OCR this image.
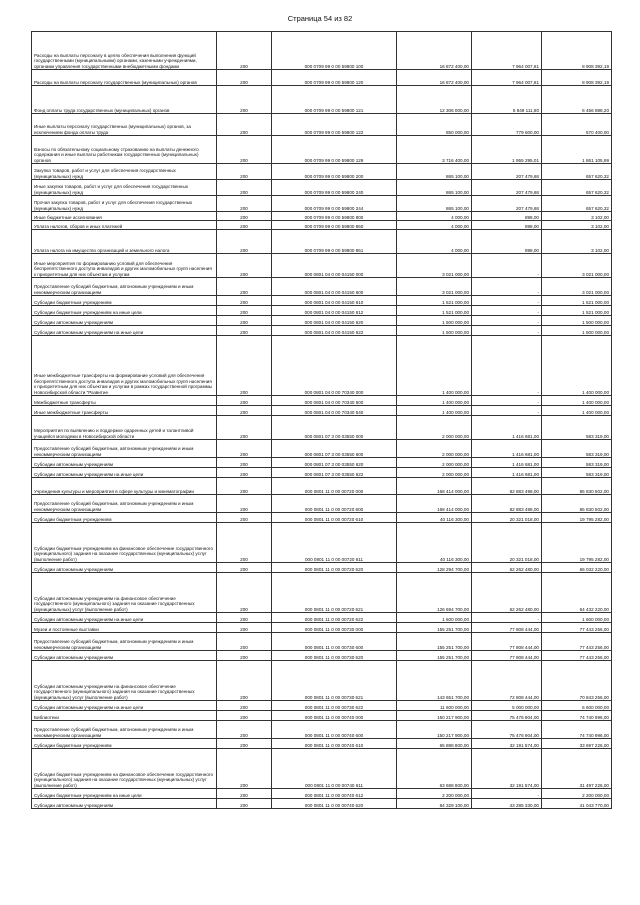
Страница 54 из 82
Расходы на выплаты персоналу в целях обеспечения выполнения функций государственными (муниципальными) органами, казенными учреждениями, органами управления государственными внебюджетными фондами	200	000 0709 99 0 00 59800 100	16 872 400,00	7 964 007,81	8 908 392,19
Расходы на выплаты персоналу государственных (муниципальных) органов	200	000 0709 99 0 00 59800 120	16 872 400,00	7 964 007,81	8 908 392,19
Фонд оплаты труда государственных (муниципальных) органов	200	000 0709 99 0 00 59800 121	12 306 000,00	5 849 111,80	6 456 888,20
Иные выплаты персоналу государственных (муниципальных) органов, за исключением фонда оплаты труда	200	000 0709 99 0 00 59800 122	850 000,00	779 600,00	570 400,00
Взносы по обязательному социальному страхованию на выплаты денежного содержания и иные выплаты работникам государственных (муниципальных) органов	200	000 0709 99 0 00 59800 129	3 716 400,00	1 955 295,01	1 861 105,99
Закупка товаров, работ и услуг для обеспечения государственных (муниципальных) нужд	200	000 0709 99 0 00 59800 200	865 100,00	207 479,68	657 620,32
Иные закупки товаров, работ и услуг для обеспечения государственных (муниципальных) нужд	200	000 0709 99 0 00 59800 240	865 100,00	207 479,68	657 620,32
Прочая закупка товаров, работ и услуг для обеспечения государственных (муниципальных) нужд	200	000 0709 99 0 00 59800 244	865 100,00	207 479,68	657 620,32
Иные бюджетные ассигнования	200	000 0709 99 0 00 59800 800	4 000,00	898,00	3 102,00
Уплата налогов, сборов и иных платежей	200	000 0709 99 0 00 59800 850	4 000,00	898,00	3 102,00
Уплата налога на имущество организаций и земельного налога	200	000 0709 99 0 00 59800 851	4 000,00	898,00	3 102,00
Иные мероприятия по формированию условий для обеспечения беспрепятственного доступа инвалидов и других маломобильных групп населения к приоритетным для них объектам и услугам	200	000 0801 04 0 00 04150 000	3 021 000,00	-	3 021 000,00
Предоставление субсидий бюджетным, автономным учреждениям и иным некоммерческим организациям	200	000 0801 04 0 00 04150 600	3 021 000,00	-	3 021 000,00
Субсидии бюджетным учреждениям	200	000 0801 04 0 00 04150 610	1 521 000,00	-	1 521 000,00
Субсидии бюджетным учреждениям на иные цели	200	000 0801 04 0 00 04150 612	1 521 000,00	-	1 521 000,00
Субсидии автономным учреждениям	200	000 0801 04 0 00 04150 620	1 500 000,00	-	1 500 000,00
Субсидии автономным учреждениям на иные цели	200	000 0801 04 0 00 04150 622	1 500 000,00	-	1 500 000,00
Иные межбюджетные трансферты на формирование условий для обеспечения беспрепятственного доступа инвалидов и других маломобильных групп населения к приоритетным для них объектам и услугам в рамках государственной программы Новосибирской области "Развитие	200	000 0801 04 0 00 70340 000	1 400 000,00	-	1 400 000,00
Межбюджетные трансферты	200	000 0801 04 0 00 70340 500	1 400 000,00	-	1 400 000,00
Иные межбюджетные трансферты	200	000 0801 04 0 00 70340 540	1 400 000,00	-	1 400 000,00
Мероприятия по выявлению и поддержке одаренных детей и талантливой учащейся молодежи в Новосибирской области	200	000 0801 07 3 00 03550 000	2 000 000,00	1 416 681,00	583 319,00
Предоставление субсидий бюджетным, автономным учреждениям и иным некоммерческим организациям	200	000 0801 07 3 00 03550 600	2 000 000,00	1 416 681,00	583 319,00
Субсидии автономным учреждениям	200	000 0801 07 3 00 03550 620	2 000 000,00	1 416 681,00	583 319,00
Субсидии автономным учреждениям на иные цели	200	000 0801 07 3 00 03550 622	2 000 000,00	1 416 681,00	583 319,00
Учреждения культуры и мероприятия в сфере культуры и кинематографии	200	000 0801 11 0 00 00720 000	168 414 000,00	82 883 498,00	85 830 502,00
Предоставление субсидий бюджетным, автономным учреждениям и иным некоммерческим организациям	200	000 0801 11 0 00 00720 600	168 414 000,00	82 883 498,00	85 830 502,00
Субсидии бюджетным учреждениям	200	000 0801 11 0 00 00720 610	40 116 300,00	20 321 018,00	19 795 282,00
Субсидии бюджетным учреждениям на финансовое обеспечение государственного (муниципального) задания на оказание государственных (муниципальных) услуг (выполнение работ)	200	000 0801 11 0 00 00720 611	40 116 300,00	20 321 018,00	19 795 282,00
Субсидии автономным учреждениям	200	000 0801 11 0 00 00720 620	128 294 700,00	62 262 480,00	66 032 220,00
Субсидии автономным учреждениям на финансовое обеспечение государственного (муниципального) задания на оказание государственных (муниципальных) услуг (выполнение работ)	200	000 0801 11 0 00 00720 621	126 694 700,00	62 262 480,00	64 432 220,00
Субсидии автономным учреждениям на иные цели	200	000 0801 11 0 00 00720 622	1 600 000,00	-	1 600 000,00
Музеи и постоянные выставки	200	000 0801 11 0 00 00730 000	155 251 700,00	77 808 444,00	77 443 256,00
Предоставление субсидий бюджетным, автономным учреждениям и иным некоммерческим организациям	200	000 0801 11 0 00 00730 600	155 251 700,00	77 808 444,00	77 443 256,00
Субсидии автономным учреждениям	200	000 0801 11 0 00 00730 620	155 251 700,00	77 808 444,00	77 443 256,00
Субсидии автономным учреждениям на финансовое обеспечение государственного (муниципального) задания на оказание государственных (муниципальных) услуг (выполнение работ)	200	000 0801 11 0 00 00730 621	143 651 700,00	72 808 444,00	70 843 256,00
Субсидии автономным учреждениям на иные цели	200	000 0801 11 0 00 00730 622	11 600 000,00	5 000 000,00	6 600 000,00
Библиотеки	200	000 0801 11 0 00 00740 000	150 217 900,00	75 476 904,00	74 740 996,00
Предоставление субсидий бюджетным, автономным учреждениям и иным некоммерческим организациям	200	000 0801 11 0 00 00740 600	150 217 900,00	75 476 904,00	74 740 996,00
Субсидии бюджетным учреждениям	200	000 0801 11 0 00 00740 610	65 888 800,00	32 191 574,00	33 697 226,00
Субсидии бюджетным учреждениям на финансовое обеспечение государственного (муниципального) задания на оказание государственных (муниципальных) услуг (выполнение работ)	200	000 0801 11 0 00 00740 611	63 688 800,00	32 191 574,00	31 497 226,00
Субсидии бюджетным учреждениям на иные цели	200	000 0801 11 0 00 00740 612	2 200 000,00	-	2 200 000,00
Субсидии автономным учреждениям	200	000 0801 11 0 00 00740 620	84 329 100,00	43 285 330,00	41 043 770,00
